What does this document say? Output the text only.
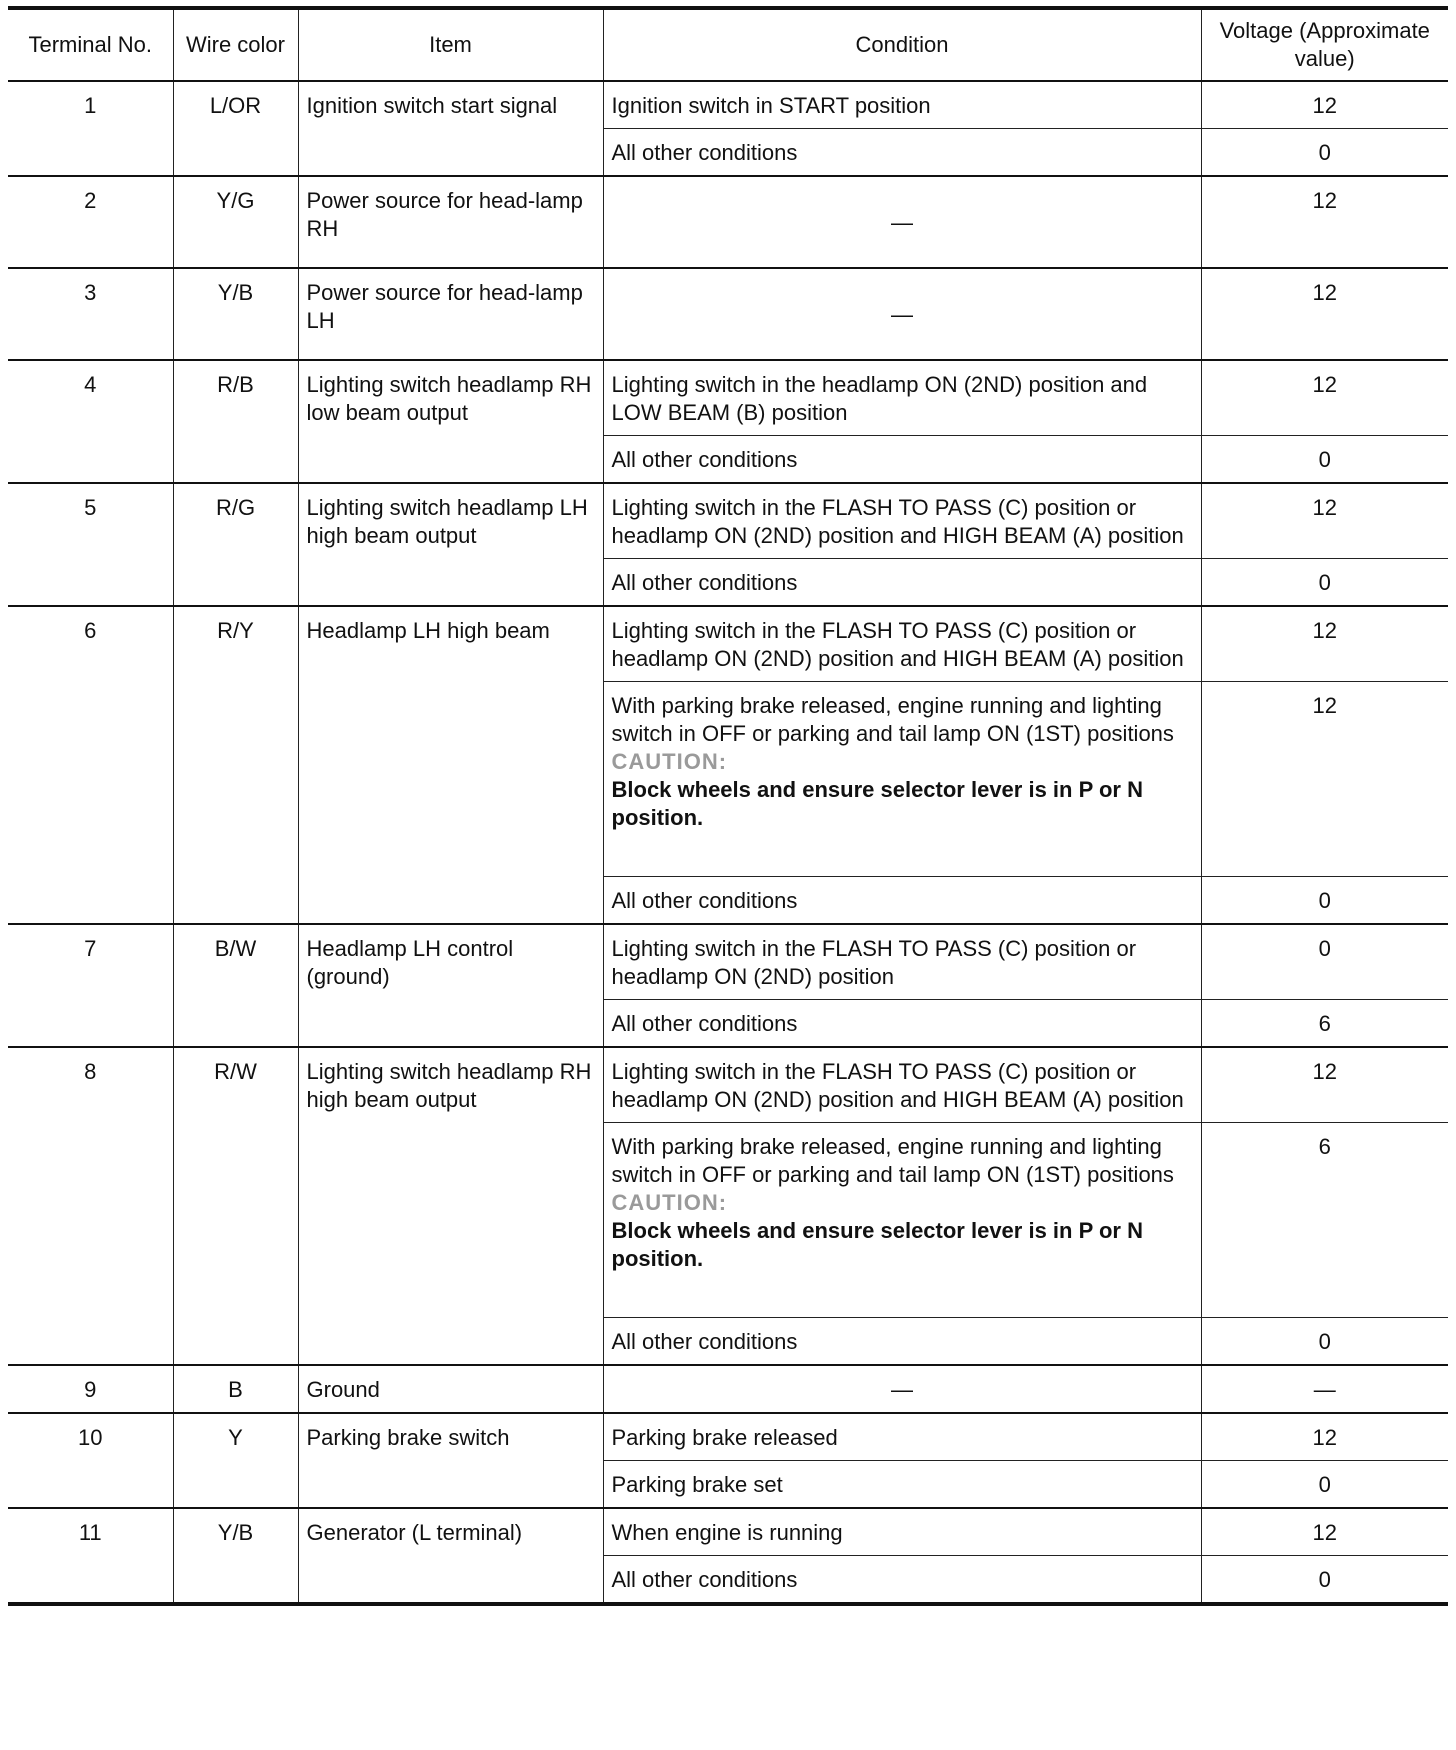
Terminal No.	Wire color	Item	Condition	Voltage (Approximate value)
1	L/OR	Ignition switch start signal	Ignition switch in START position	12
			All other conditions	0
2	Y/G	Power source for head-lamp RH	—	12
3	Y/B	Power source for head-lamp LH	—	12
4	R/B	Lighting switch headlamp RH low beam output	Lighting switch in the headlamp ON (2ND) position and LOW BEAM (B) position	12
			All other conditions	0
5	R/G	Lighting switch headlamp LH high beam output	Lighting switch in the FLASH TO PASS (C) position or headlamp ON (2ND) position and HIGH BEAM (A) position	12
			All other conditions	0
6	R/Y	Headlamp LH high beam	Lighting switch in the FLASH TO PASS (C) position or headlamp ON (2ND) position and HIGH BEAM (A) position	12

			With parking brake released, engine running and lighting switch in OFF or parking and tail lamp ON (1ST) positions
CAUTION:
Block wheels and ensure selector lever is in P or N position.	12
			All other conditions	0
7	B/W	Headlamp LH control (ground)	Lighting switch in the FLASH TO PASS (C) position or headlamp ON (2ND) position	0
			All other conditions	6
8	R/W	Lighting switch headlamp RH high beam output	Lighting switch in the FLASH TO PASS (C) position or headlamp ON (2ND) position and HIGH BEAM (A) position	12

			With parking brake released, engine running and lighting switch in OFF or parking and tail lamp ON (1ST) positions
CAUTION:
Block wheels and ensure selector lever is in P or N position.	6
			All other conditions	0
9	B	Ground	—	—
10	Y	Parking brake switch	Parking brake released	12
			Parking brake set	0
11	Y/B	Generator (L terminal)	When engine is running	12
			All other conditions	0
